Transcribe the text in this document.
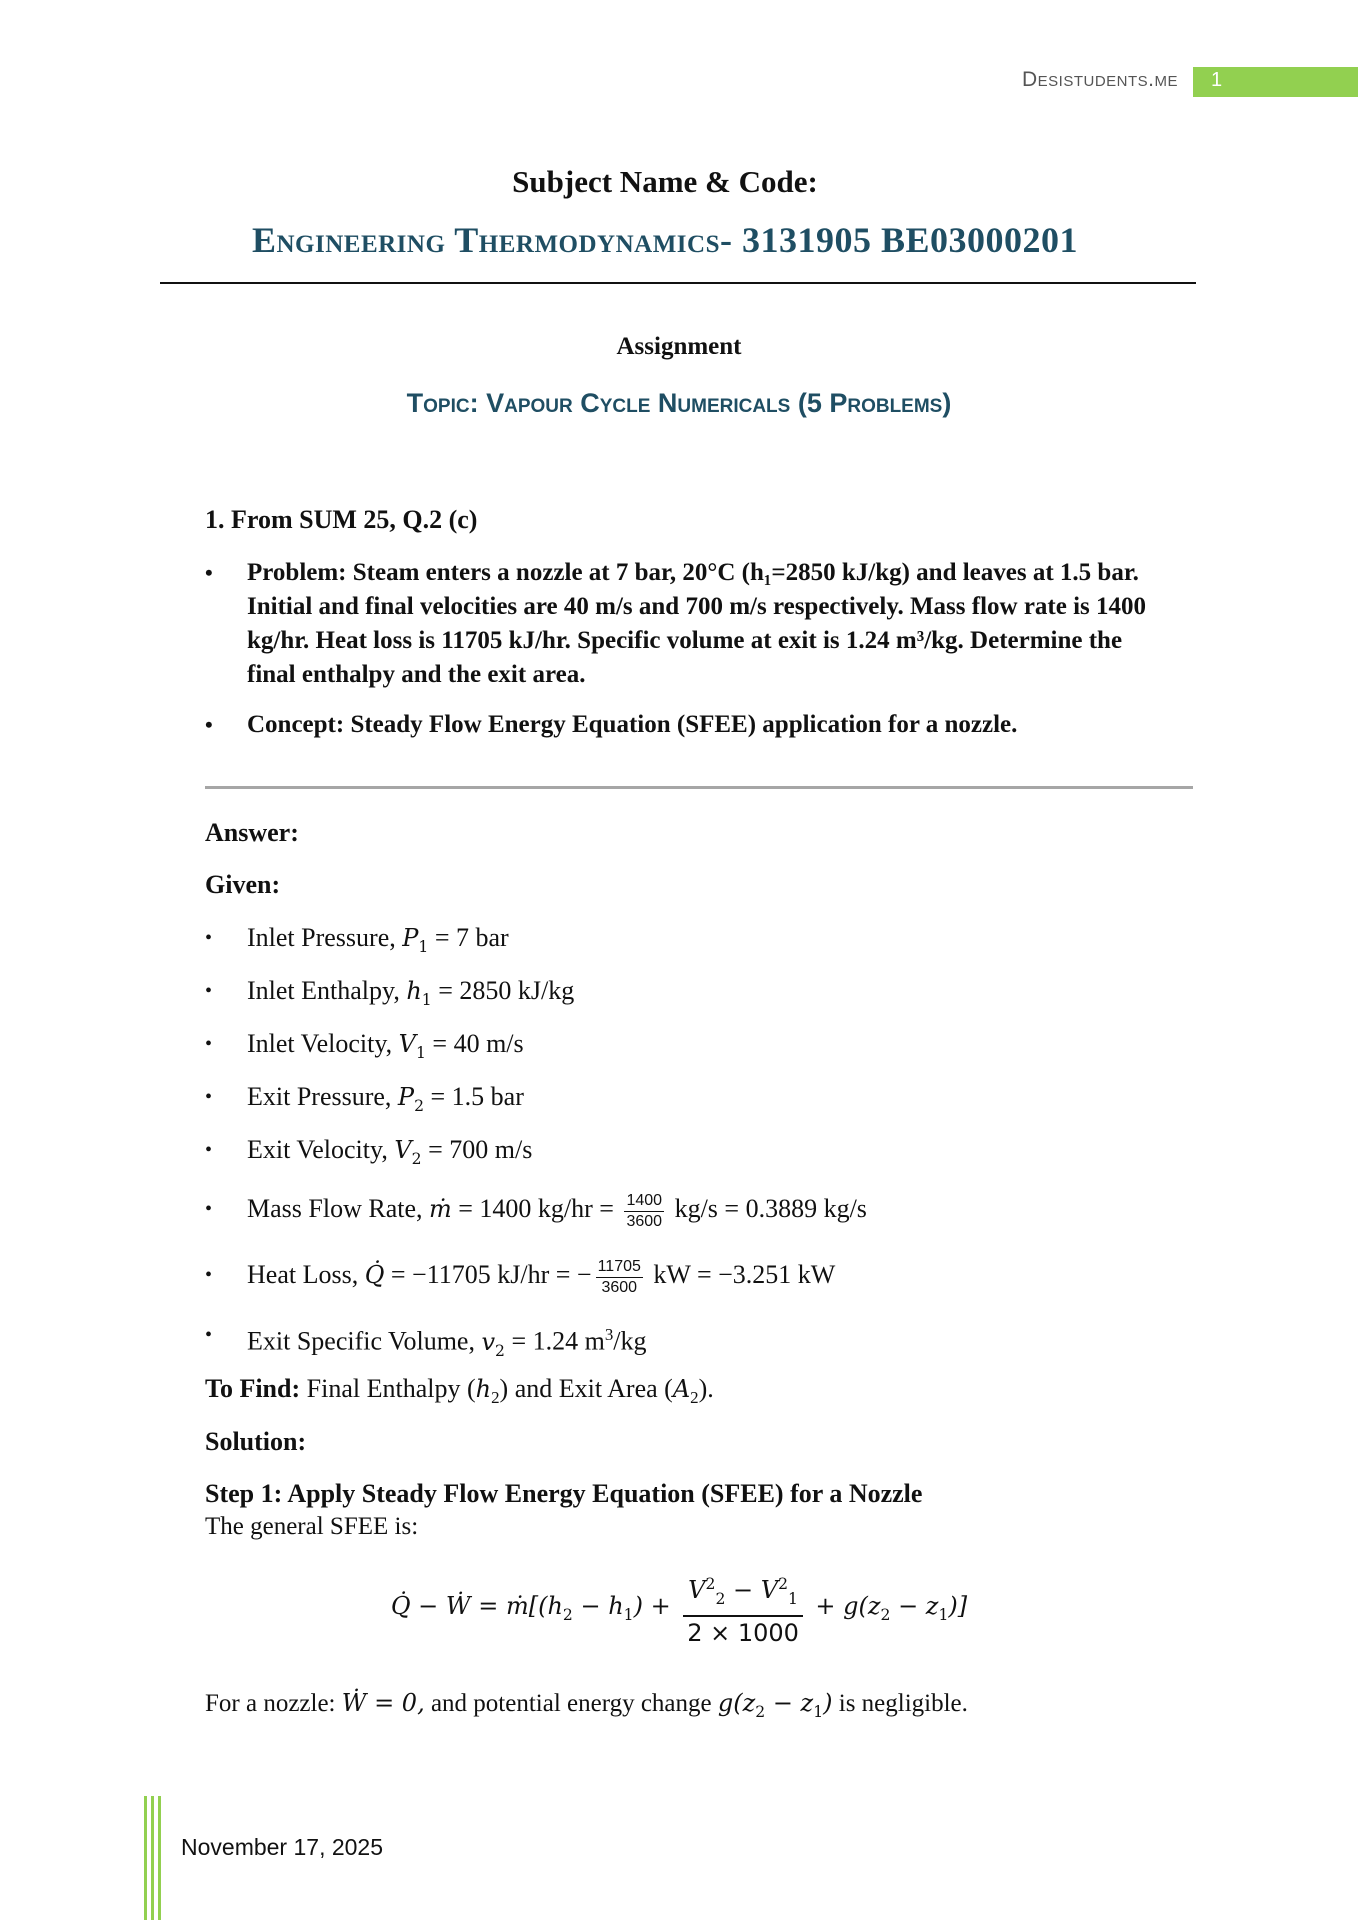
Desistudents.me 1
Subject Name & Code:
Engineering Thermodynamics- 3131905 BE03000201
Assignment
Topic: Vapour Cycle Numericals (5 Problems)
1. From SUM 25, Q.2 (c)
• Problem: Steam enters a nozzle at 7 bar, 20°C (h₁=2850 kJ/kg) and leaves at 1.5 bar. Initial and final velocities are 40 m/s and 700 m/s respectively. Mass flow rate is 1400 kg/hr. Heat loss is 11705 kJ/hr. Specific volume at exit is 1.24 m³/kg. Determine the final enthalpy and the exit area.
• Concept: Steady Flow Energy Equation (SFEE) application for a nozzle.
Answer:
Given:
• Inlet Pressure, $P_1 = 7$ bar
• Inlet Enthalpy, $h_1 = 2850$ kJ/kg
• Inlet Velocity, $V_1 = 40$ m/s
• Exit Pressure, $P_2 = 1.5$ bar
• Exit Velocity, $V_2 = 700$ m/s
• Mass Flow Rate, ṁ = 1400 $kg/hr = \frac{1400}{3600} kg/s = 0.3889$ kg/s
• Heat Loss, Q̇ = −11705 kJ/hr = − $\frac{11705}{3600}$ kW = −3.251 kW
• Exit Specific Volume, $v_2 = 1.24$ $m^3/kg$
To Find: Final Enthalpy $(h_2)$ and Exit Area $(A_2)$.
Solution:
Step 1: Apply Steady Flow Energy Equation (SFEE) for a Nozzle
The general SFEE is:
Q̇ − Ẇ = $ṁ[(h_2 - h_1) + \frac{V^2_2 - V^2_1}{2 \times 1000} + g(z_2 - z_1)]$
For a nozzle: Ẇ = 0, and potential energy change $g(z_2 - z_1)$ is negligible.
November 17, 2025
